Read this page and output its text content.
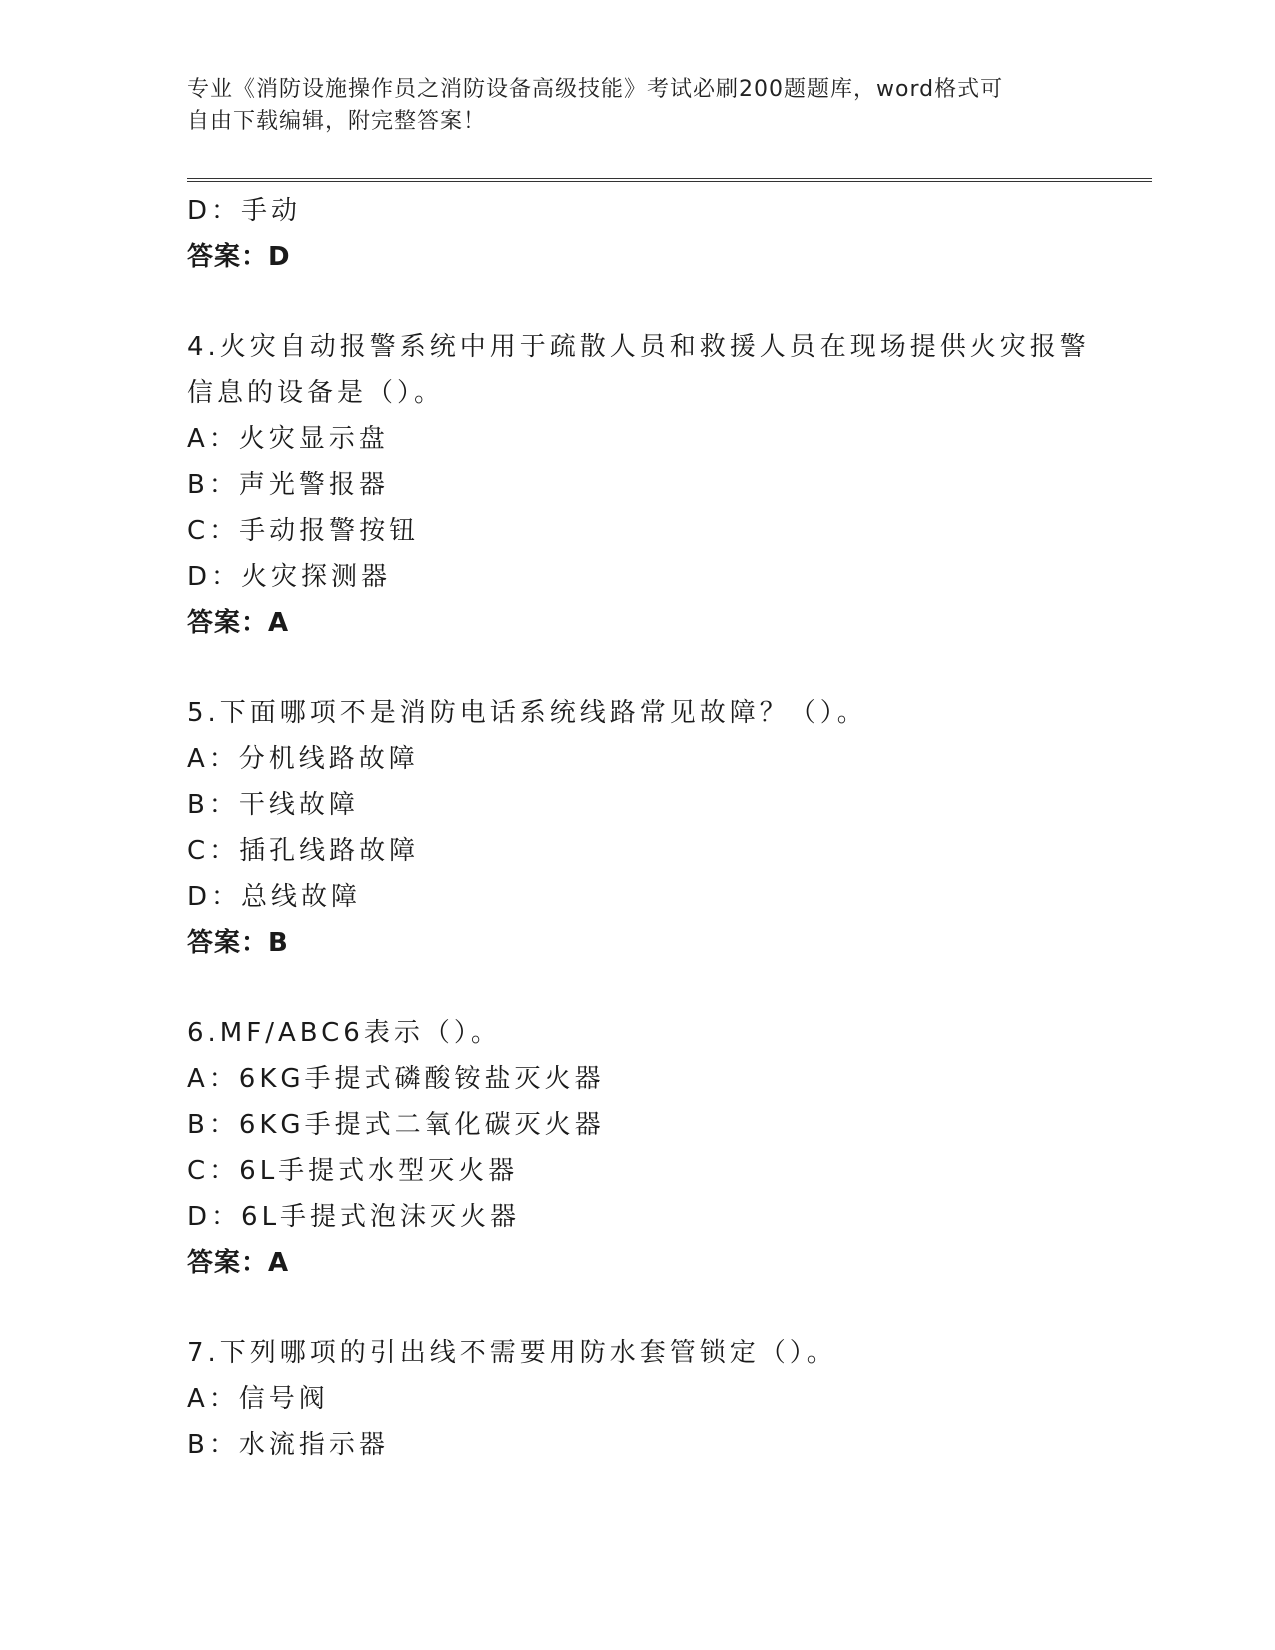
专业《消防设施操作员之消防设备高级技能》考试必刷200题题库，word格式可
自由下载编辑，附完整答案！
D：手动
答案：D
4.火灾自动报警系统中用于疏散人员和救援人员在现场提供火灾报警
信息的设备是（）。
A：火灾显示盘
B：声光警报器
C：手动报警按钮
D：火灾探测器
答案：A
5.下面哪项不是消防电话系统线路常见故障？（）。
A：分机线路故障
B：干线故障
C：插孔线路故障
D：总线故障
答案：B
6.MF/ABC6表示（）。
A：6KG手提式磷酸铵盐灭火器
B：6KG手提式二氧化碳灭火器
C：6L手提式水型灭火器
D：6L手提式泡沫灭火器
答案：A
7.下列哪项的引出线不需要用防水套管锁定（）。
A：信号阀
B：水流指示器
